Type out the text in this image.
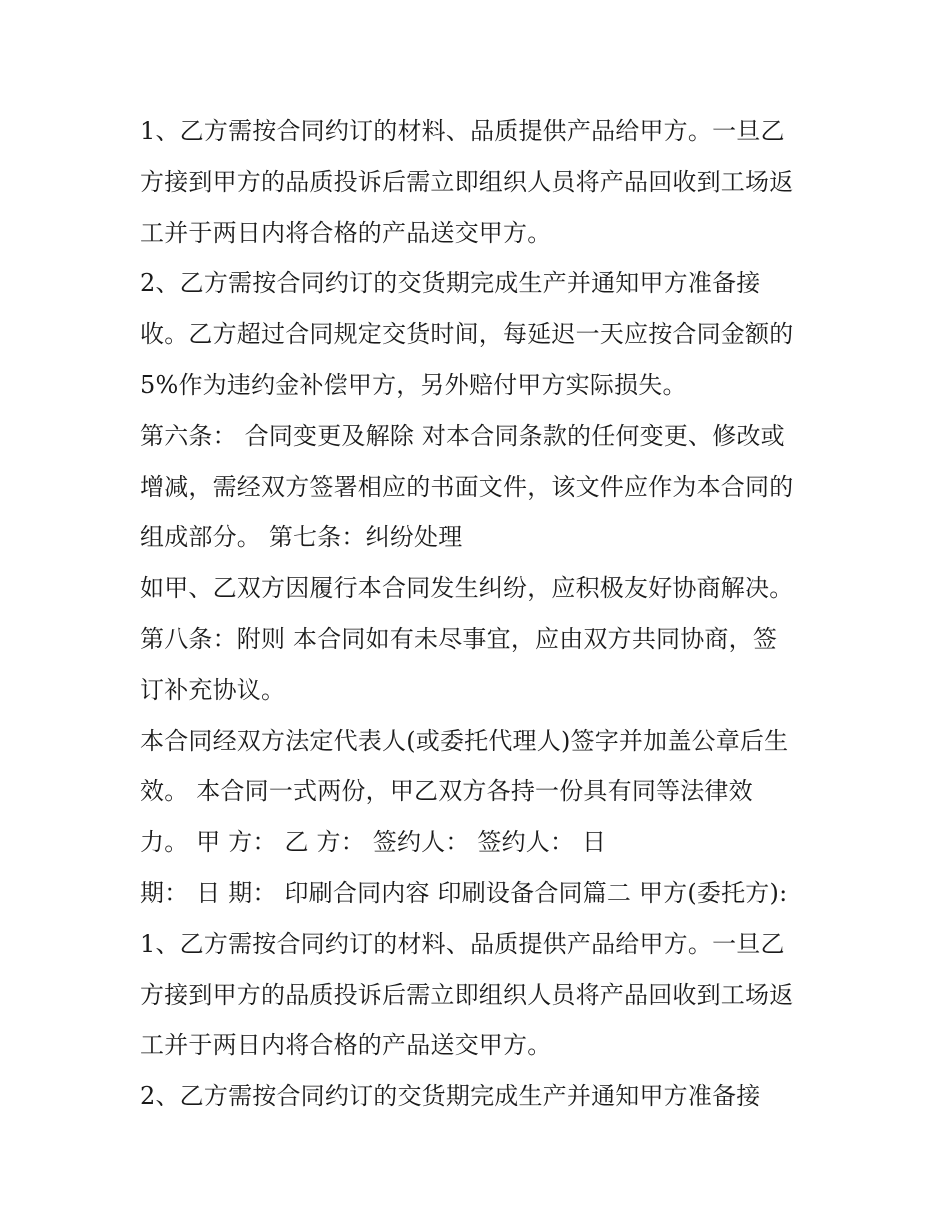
1、乙方需按合同约订的材料、品质提供产品给甲方。一旦乙
方接到甲方的品质投诉后需立即组织人员将产品回收到工场返
工并于两日内将合格的产品送交甲方。
2、乙方需按合同约订的交货期完成生产并通知甲方准备接
收。乙方超过合同规定交货时间，每延迟一天应按合同金额的
5%作为违约金补偿甲方，另外赔付甲方实际损失。
第六条： 合同变更及解除 对本合同条款的任何变更、修改或
增减，需经双方签署相应的书面文件，该文件应作为本合同的
组成部分。 第七条：纠纷处理
如甲、乙双方因履行本合同发生纠纷，应积极友好协商解决。
第八条：附则 本合同如有未尽事宜，应由双方共同协商，签
订补充协议。
本合同经双方法定代表人(或委托代理人)签字并加盖公章后生
效。 本合同一式两份，甲乙双方各持一份具有同等法律效
力。 甲 方： 乙 方： 签约人： 签约人： 日
期： 日 期： 印刷合同内容 印刷设备合同篇二 甲方(委托方):
1、乙方需按合同约订的材料、品质提供产品给甲方。一旦乙
方接到甲方的品质投诉后需立即组织人员将产品回收到工场返
工并于两日内将合格的产品送交甲方。
2、乙方需按合同约订的交货期完成生产并通知甲方准备接
